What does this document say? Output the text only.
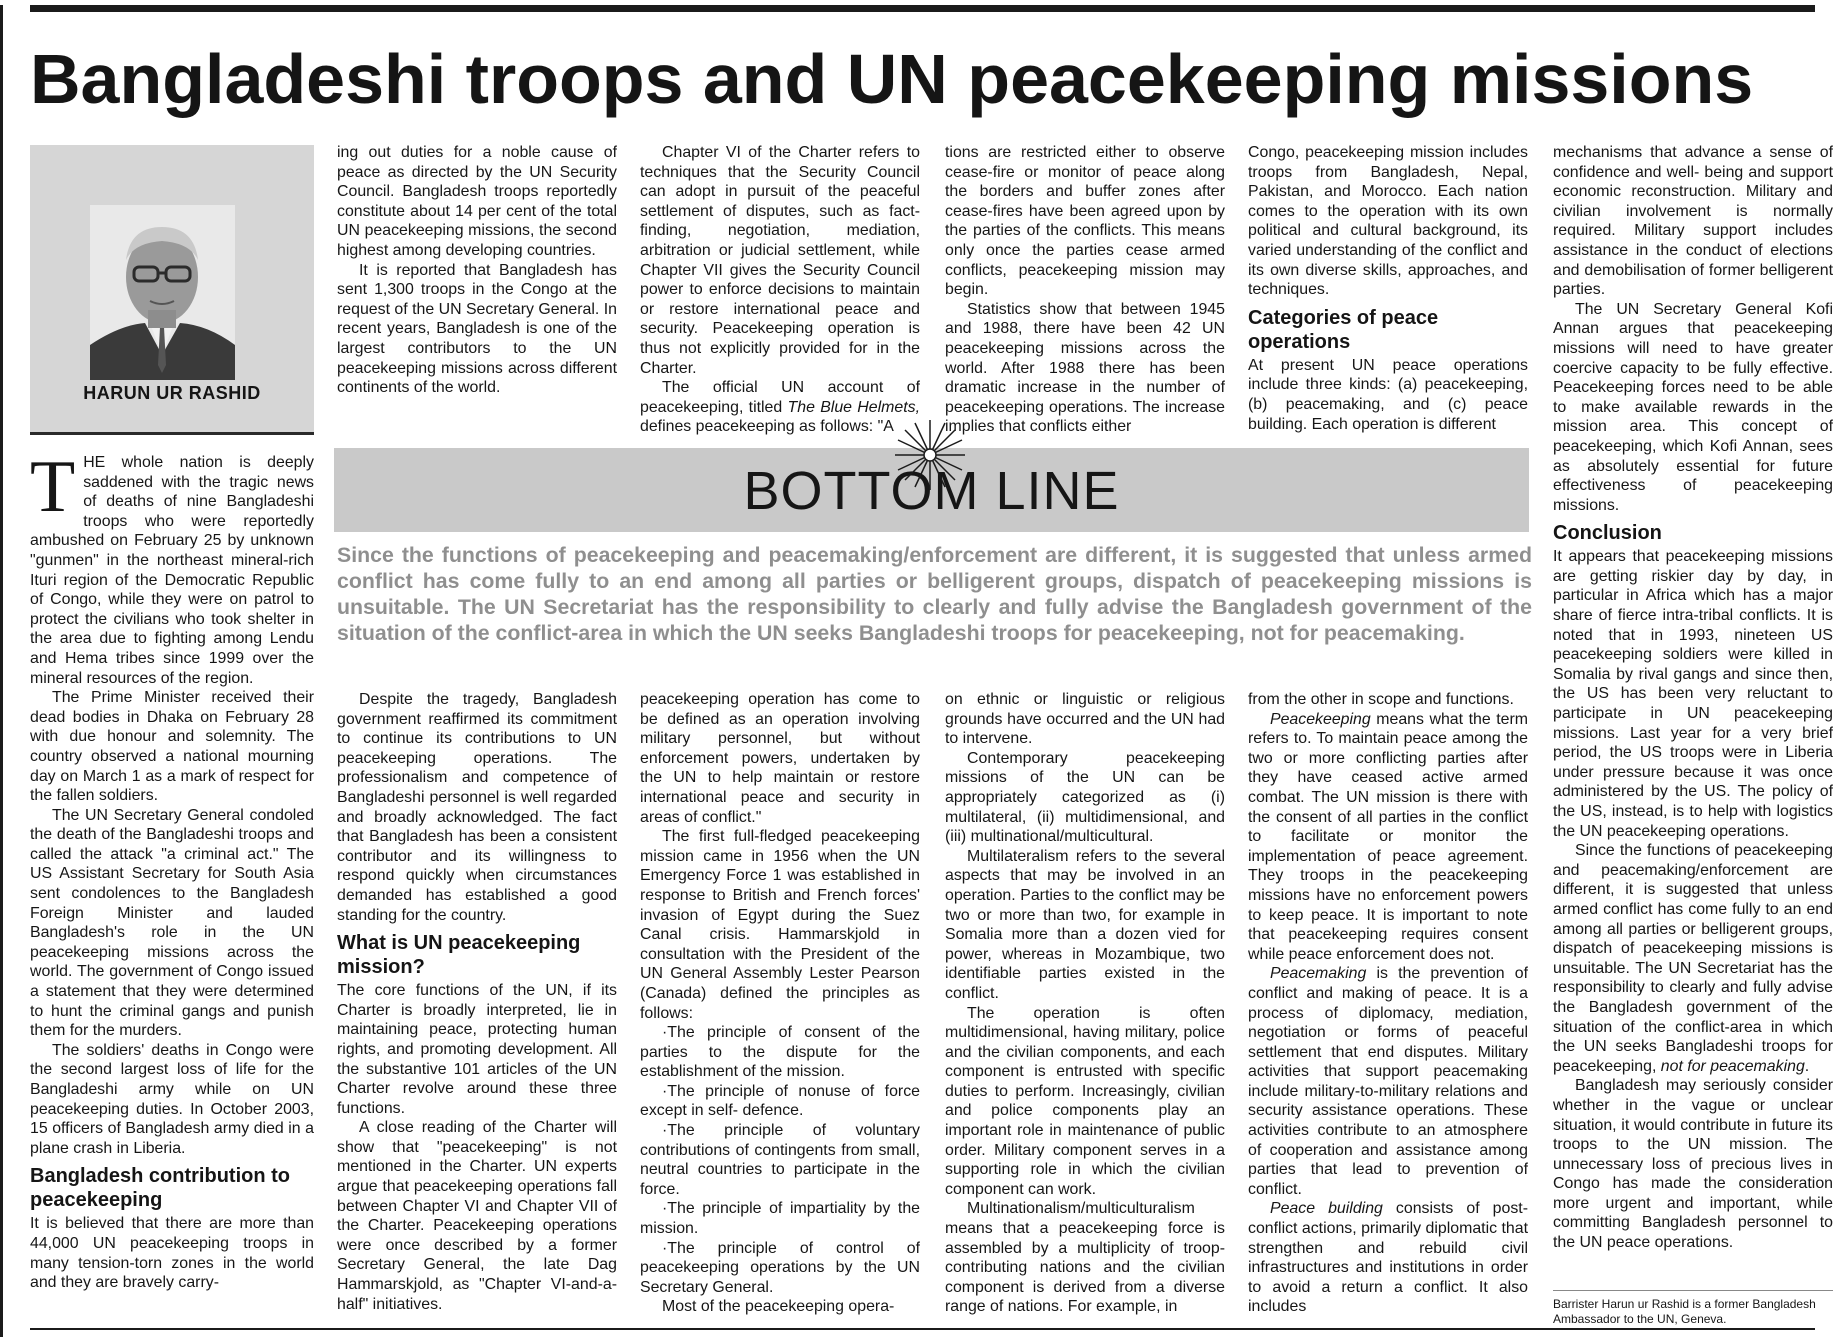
Bangladeshi troops and UN peacekeeping missions
HARUN UR RASHID

THE whole nation is deeply saddened with the tragic news of deaths of nine Bangladeshi troops who were reportedly ambushed on February 25 by unknown "gunmen" in the northeast mineral-rich Ituri region of the Democratic Republic of Congo, while they were on patrol to protect the civilians who took shelter in the area due to fighting among Lendu and Hema tribes since 1999 over the mineral resources of the region.

The Prime Minister received their dead bodies in Dhaka on February 28 with due honour and solemnity. The country observed a national mourning day on March 1 as a mark of respect for the fallen soldiers.

The UN Secretary General condoled the death of the Bangladeshi troops and called the attack "a criminal act." The US Assistant Secretary for South Asia sent condolences to the Bangladesh Foreign Minister and lauded Bangladesh's role in the UN peacekeeping missions across the world. The government of Congo issued a statement that they were determined to hunt the criminal gangs and punish them for the murders.

The soldiers' deaths in Congo were the second largest loss of life for the Bangladeshi army while on UN peacekeeping duties. In October 2003, 15 officers of Bangladesh army died in a plane crash in Liberia.

Bangladesh contribution to peacekeeping

It is believed that there are more than 44,000 UN peacekeeping troops in many tension-torn zones in the world and they are bravely carry-

ing out duties for a noble cause of peace as directed by the UN Security Council. Bangladesh troops reportedly constitute about 14 per cent of the total UN peacekeeping missions, the second highest among developing countries.

It is reported that Bangladesh has sent 1,300 troops in the Congo at the request of the UN Secretary General. In recent years, Bangladesh is one of the largest contributors to the UN peacekeeping missions across different continents of the world.

Chapter VI of the Charter refers to techniques that the Security Council can adopt in pursuit of the peaceful settlement of disputes, such as fact-finding, negotiation, mediation, arbitration or judicial settlement, while Chapter VII gives the Security Council power to enforce decisions to maintain or restore international peace and security. Peacekeeping operation is thus not explicitly provided for in the Charter.

The official UN account of peacekeeping, titled The Blue Helmets, defines peacekeeping as follows: "A

tions are restricted either to observe cease-fire or monitor of peace along the borders and buffer zones after cease-fires have been agreed upon by the parties of the conflicts. This means only once the parties cease armed conflicts, peacekeeping mission may begin.

Statistics show that between 1945 and 1988, there have been 42 UN peacekeeping missions across the world. After 1988 there has been dramatic increase in the number of peacekeeping operations. The increase implies that conflicts either

Congo, peacekeeping mission includes troops from Bangladesh, Nepal, Pakistan, and Morocco. Each nation comes to the operation with its own political and cultural background, its varied understanding of the conflict and its own diverse skills, approaches, and techniques.

Categories of peace operations

At present UN peace operations include three kinds: (a) peacekeeping, (b) peacemaking, and (c) peace building. Each operation is different

BOTTOM LINE
Since the functions of peacekeeping and peacemaking/enforcement are different, it is suggested that unless armed conflict has come fully to an end among all parties or belligerent groups, dispatch of peacekeeping missions is unsuitable. The UN Secretariat has the responsibility to clearly and fully advise the Bangladesh government of the situation of the conflict-area in which the UN seeks Bangladeshi troops for peacekeeping, not for peacemaking.

Despite the tragedy, Bangladesh government reaffirmed its commitment to continue its contributions to UN peacekeeping operations. The professionalism and competence of Bangladeshi personnel is well regarded and broadly acknowledged. The fact that Bangladesh has been a consistent contributor and its willingness to respond quickly when circumstances demanded has established a good standing for the country.

What is UN peacekeeping mission?

The core functions of the UN, if its Charter is broadly interpreted, lie in maintaining peace, protecting human rights, and promoting development. All the substantive 101 articles of the UN Charter revolve around these three functions.

A close reading of the Charter will show that "peacekeeping" is not mentioned in the Charter. UN experts argue that peacekeeping operations fall between Chapter VI and Chapter VII of the Charter. Peacekeeping operations were once described by a former Secretary General, the late Dag Hammarskjold, as "Chapter VI-and-a-half" initiatives.

peacekeeping operation has come to be defined as an operation involving military personnel, but without enforcement powers, undertaken by the UN to help maintain or restore international peace and security in areas of conflict."

The first full-fledged peacekeeping mission came in 1956 when the UN Emergency Force 1 was established in response to British and French forces' invasion of Egypt during the Suez Canal crisis. Hammarskjold in consultation with the President of the UN General Assembly Lester Pearson (Canada) defined the principles as follows:

·The principle of consent of the parties to the dispute for the establishment of the mission.

·The principle of nonuse of force except in self- defence.

·The principle of voluntary contributions of contingents from small, neutral countries to participate in the force.

·The principle of impartiality by the mission.

·The principle of control of peacekeeping operations by the UN Secretary General.

Most of the peacekeeping opera-

on ethnic or linguistic or religious grounds have occurred and the UN had to intervene.

Contemporary peacekeeping missions of the UN can be appropriately categorized as (i) multilateral, (ii) multidimensional, and (iii) multinational/multicultural.

Multilateralism refers to the several aspects that may be involved in an operation. Parties to the conflict may be two or more than two, for example in Somalia more than a dozen vied for power, whereas in Mozambique, two identifiable parties existed in the conflict.

The operation is often multidimensional, having military, police and the civilian components, and each component is entrusted with specific duties to perform. Increasingly, civilian and police components play an important role in maintenance of public order. Military component serves in a supporting role in which the civilian component can work.

Multinationalism/multiculturalism means that a peacekeeping force is assembled by a multiplicity of troop-contributing nations and the civilian component is derived from a diverse range of nations. For example, in

from the other in scope and functions.

Peacekeeping means what the term refers to. To maintain peace among the two or more conflicting parties after they have ceased active armed combat. The UN mission is there with the consent of all parties in the conflict to facilitate or monitor the implementation of peace agreement. They troops in the peacekeeping missions have no enforcement powers to keep peace. It is important to note that peacekeeping requires consent while peace enforcement does not.

Peacemaking is the prevention of conflict and making of peace. It is a process of diplomacy, mediation, negotiation or forms of peaceful settlement that end disputes. Military activities that support peacemaking include military-to-military relations and security assistance operations. These activities contribute to an atmosphere of cooperation and assistance among parties that lead to prevention of conflict.

Peace building consists of post-conflict actions, primarily diplomatic that strengthen and rebuild civil infrastructures and institutions in order to avoid a return a conflict. It also includes

mechanisms that advance a sense of confidence and well- being and support economic reconstruction. Military and civilian involvement is normally required. Military support includes assistance in the conduct of elections and demobilisation of former belligerent parties.

The UN Secretary General Kofi Annan argues that peacekeeping missions will need to have greater coercive capacity to be fully effective. Peacekeeping forces need to be able to make available rewards in the mission area. This concept of peacekeeping, which Kofi Annan, sees as absolutely essential for future effectiveness of peacekeeping missions.

Conclusion

It appears that peacekeeping missions are getting riskier day by day, in particular in Africa which has a major share of fierce intra-tribal conflicts. It is noted that in 1993, nineteen US peacekeeping soldiers were killed in Somalia by rival gangs and since then, the US has been very reluctant to participate in UN peacekeeping missions. Last year for a very brief period, the US troops were in Liberia under pressure because it was once administered by the US. The policy of the US, instead, is to help with logistics the UN peacekeeping operations.

Since the functions of peacekeeping and peacemaking/enforcement are different, it is suggested that unless armed conflict has come fully to an end among all parties or belligerent groups, dispatch of peacekeeping missions is unsuitable. The UN Secretariat has the responsibility to clearly and fully advise the Bangladesh government of the situation of the conflict-area in which the UN seeks Bangladeshi troops for peacekeeping, not for peacemaking.

Bangladesh may seriously consider whether in the vague or unclear situation, it would contribute in future its troops to the UN mission. The unnecessary loss of precious lives in Congo has made the consideration more urgent and important, while committing Bangladesh personnel to the UN peace operations.

Barrister Harun ur Rashid is a former Bangladesh Ambassador to the UN, Geneva.
